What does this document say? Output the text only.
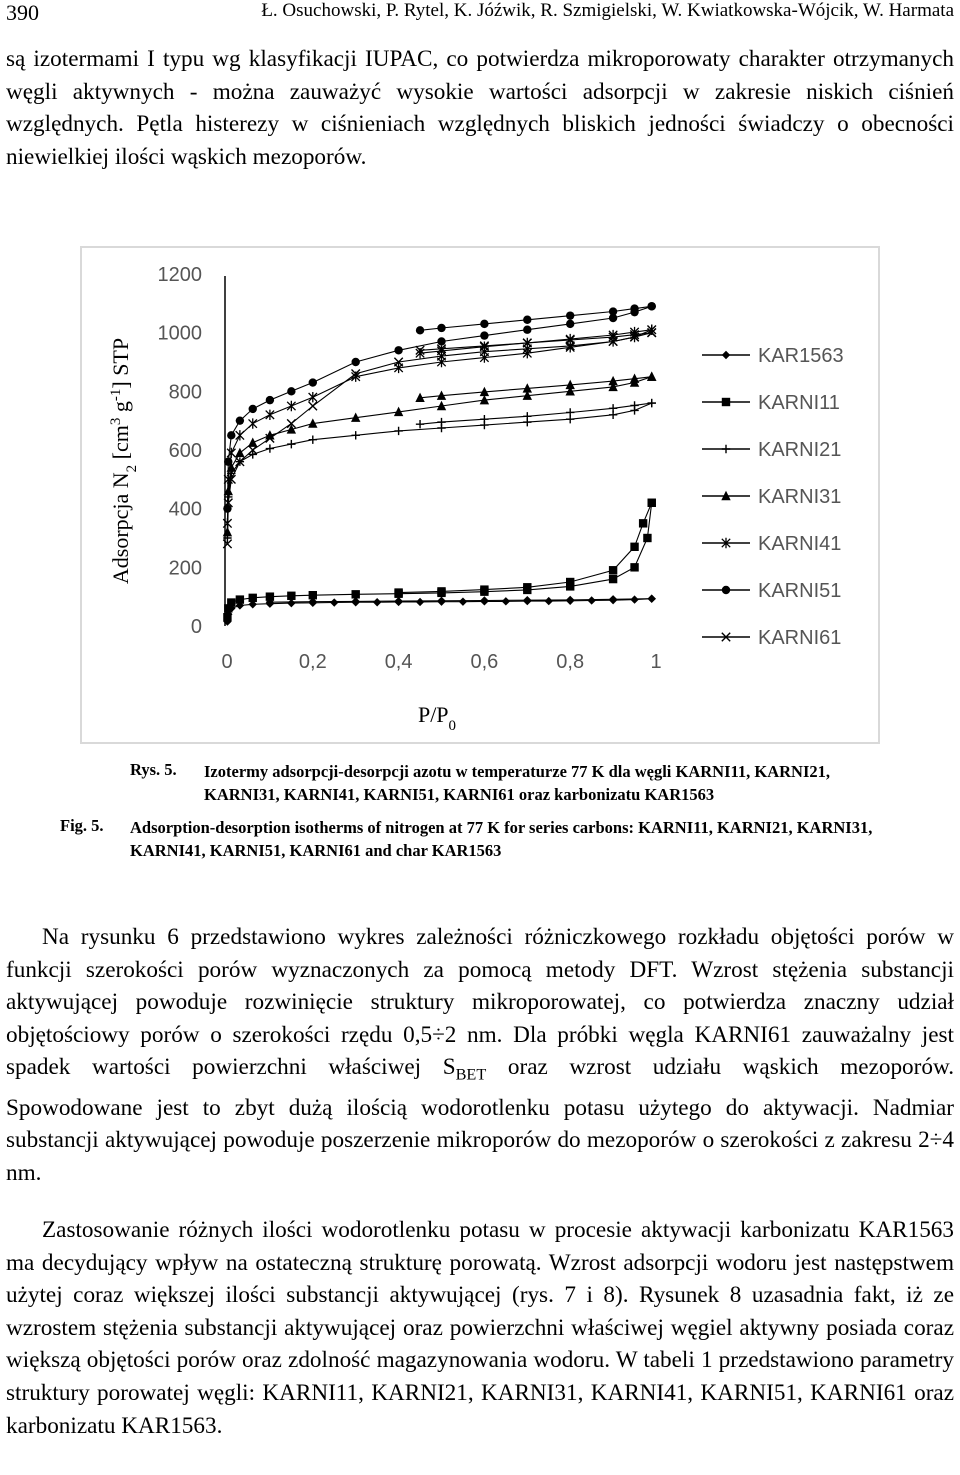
390	Ł. Osuchowski, P. Rytel, K. Jóźwik, R. Szmigielski, W. Kwiatkowska-Wójcik, W. Harmata

są izotermami I typu wg klasyfikacji IUPAC, co potwierdza mikroporowaty charakter otrzymanych węgli aktywnych - można zauważyć wysokie wartości adsorpcji w zakresie niskich ciśnień względnych. Pętla histerezy w ciśnieniach względnych bliskich jedności świadczy o obecności niewielkiej ilości wąskich mezoporów.

0
200
400
600
800
1000
1200
0	0,2	0,4	0,6	0,8	1
KAR1563
KARNI11
KARNI21
KARNI31
KARNI41
KARNI51
KARNI61
Adsorpcja $N_2$ [$cm^3$ $g^{-1}$] STP
$P/P_0$
Rys. 5. Izotermy adsorpcji-desorpcji azotu w temperaturze 77 K dla węgli KARNI11, KARNI21, KARNI31, KARNI41, KARNI51, KARNI61 oraz karbonizatu KAR1563

Fig. 5. Adsorption-desorption isotherms of nitrogen at 77 K for series carbons: KARNI11, KARNI21, KARNI31, KARNI41, KARNI51, KARNI61 and char KAR1563

Na rysunku 6 przedstawiono wykres zależności różniczkowego rozkładu objętości porów w funkcji szerokości porów wyznaczonych za pomocą metody DFT. Wzrost stężenia substancji aktywującej powoduje rozwinięcie struktury mikroporowatej, co potwierdza znaczny udział objętościowy porów o szerokości rzędu 0,5÷2 nm. Dla próbki węgla KARNI61 zauważalny jest spadek wartości powierzchni właściwej $S_{BET}$ oraz wzrost udziału wąskich mezoporów. Spowodowane jest to zbyt dużą ilością wodorotlenku potasu użytego do aktywacji. Nadmiar substancji aktywującej powoduje poszerzenie mikroporów do mezoporów o szerokości z zakresu 2÷4 nm.

Zastosowanie różnych ilości wodorotlenku potasu w procesie aktywacji karbonizatu KAR1563 ma decydujący wpływ na ostateczną strukturę porowatą. Wzrost adsorpcji wodoru jest następstwem użytej coraz większej ilości substancji aktywującej (rys. 7 i 8). Rysunek 8 uzasadnia fakt, iż ze wzrostem stężenia substancji aktywującej oraz powierzchni właściwej węgiel aktywny posiada coraz większą objętości porów oraz zdolność magazynowania wodoru. W tabeli 1 przedstawiono parametry struktury porowatej węgli: KARNI11, KARNI21, KARNI31, KARNI41, KARNI51, KARNI61 oraz karbonizatu KAR1563.
